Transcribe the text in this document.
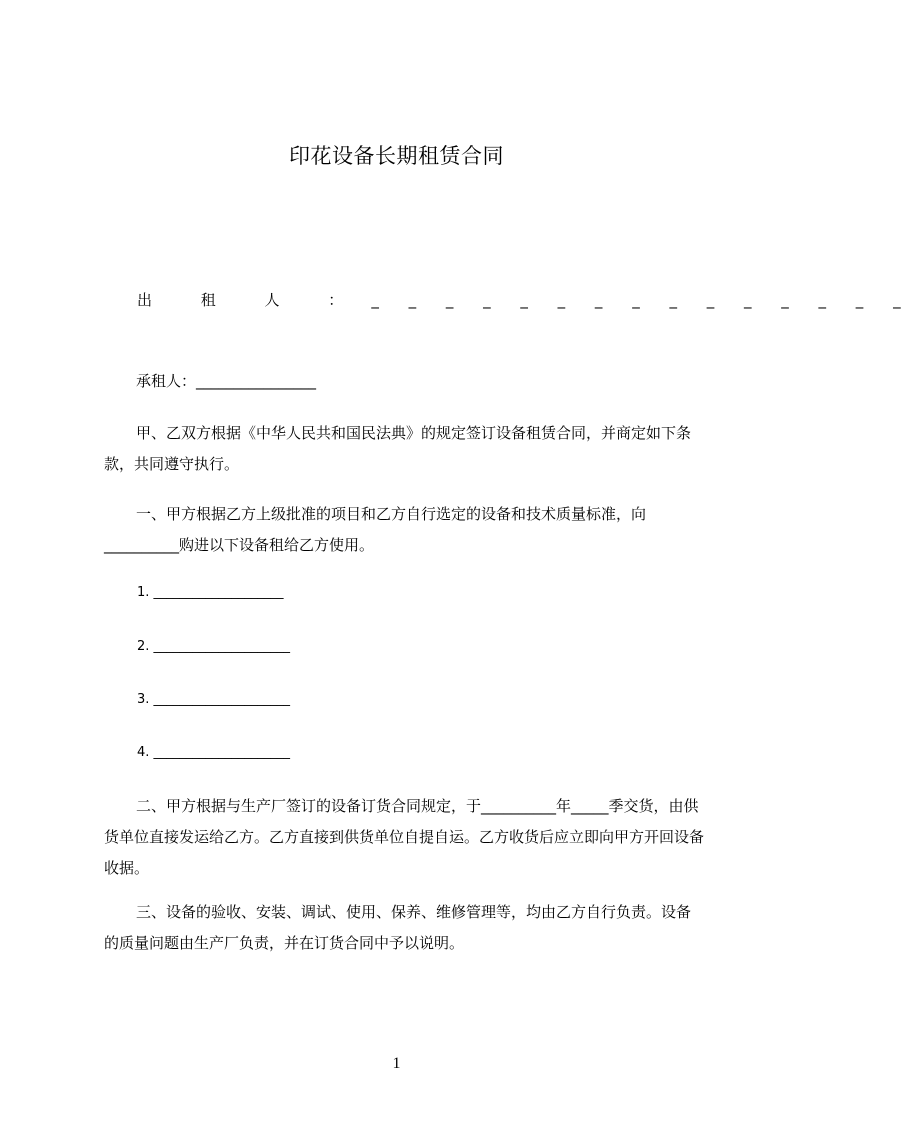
印花设备长期租赁合同
出 租 人 ： _ _ _ _ _ _ _ _ _ _ _ _ _ _ _

承租人：________________

甲、乙双方根据《中华人民共和国民法典》的规定签订设备租赁合同，并商定如下条款，共同遵守执行。

一、甲方根据乙方上级批准的项目和乙方自行选定的设备和技术质量标准，向__________购进以下设备租给乙方使用。

1. ____________________
2. _____________________
3. _____________________
4. _____________________

二、甲方根据与生产厂签订的设备订货合同规定，于__________年_____季交货，由供货单位直接发运给乙方。乙方直接到供货单位自提自运。乙方收货后应立即向甲方开回设备收据。

三、设备的验收、安装、调试、使用、保养、维修管理等，均由乙方自行负责。设备的质量问题由生产厂负责，并在订货合同中予以说明。

1
